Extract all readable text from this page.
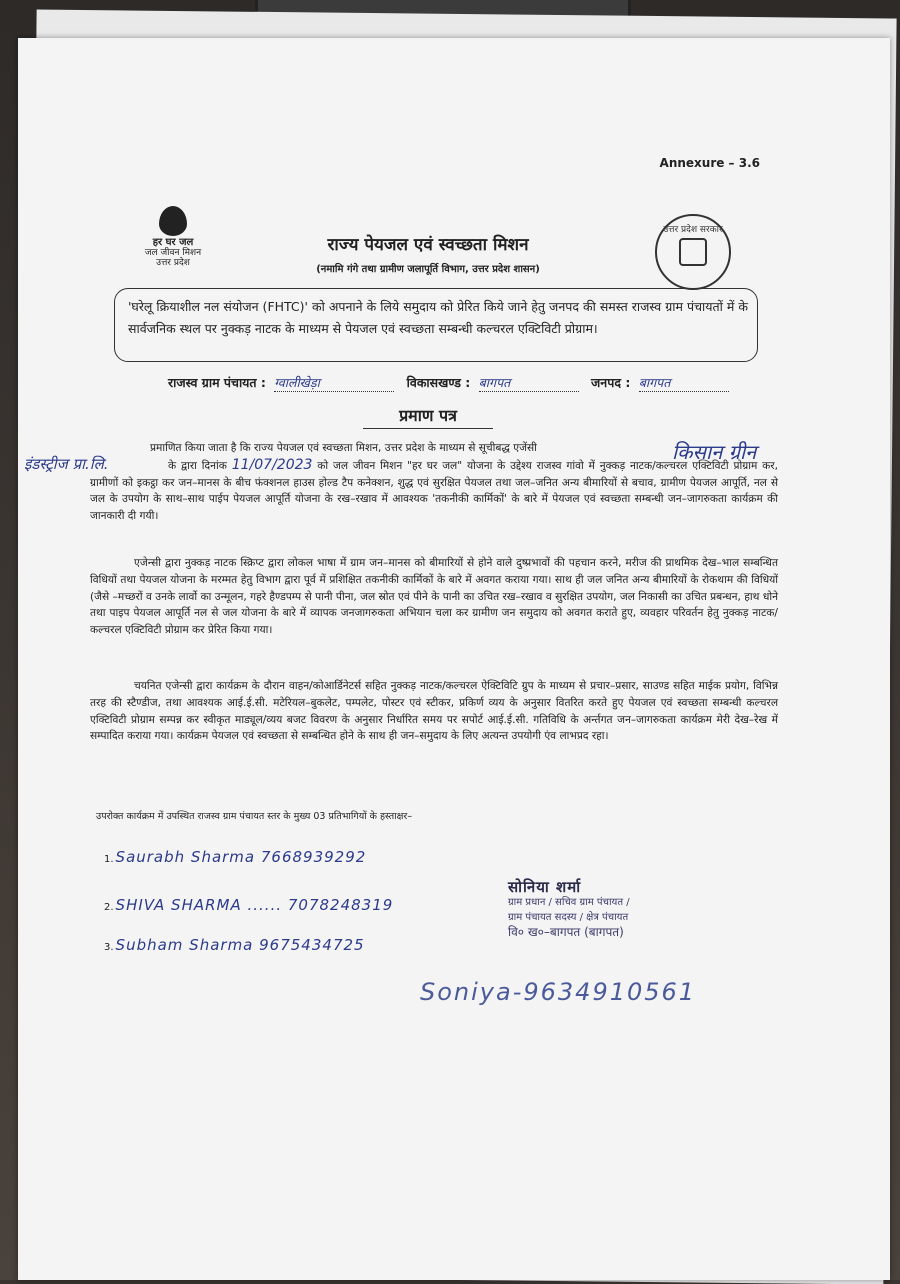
Annexure – 3.6
हर घर जल
जल जीवन मिशन
उत्तर प्रदेश
उत्तर प्रदेश सरकार
राज्य पेयजल एवं स्वच्छता मिशन
(नमामि गंगे तथा ग्रामीण जलापूर्ति विभाग, उत्तर प्रदेश शासन)
'घरेलू क्रियाशील नल संयोजन (FHTC)' को अपनाने के लिये समुदाय को प्रेरित किये जाने हेतु जनपद की समस्त राजस्व ग्राम पंचायतों में के सार्वजनिक स्थल पर नुक्कड़ नाटक के माध्यम से पेयजल एवं स्वच्छता सम्बन्धी कल्चरल एक्टिविटी प्रोग्राम।
राजस्व ग्राम पंचायत : ग्वालीखेड़ा	विकासखण्ड : बागपत	जनपद : बागपत
प्रमाण पत्र
किसान ग्रीन
इंडस्ट्रीज प्रा.लि.
प्रमाणित किया जाता है कि राज्य पेयजल एवं स्वच्छता मिशन, उत्तर प्रदेश के माध्यम से सूचीबद्ध एजेंसी
के द्वारा दिनांक 11/07/2023 को जल जीवन मिशन "हर घर जल" योजना के उद्देश्य राजस्व गांवो में नुक्कड़ नाटक/कल्चरल एक्टिविटी प्रोग्राम कर, ग्रामीणों को इकट्ठा कर जन–मानस के बीच फंक्शनल हाउस होल्ड टैप कनेक्शन, शुद्ध एवं सुरक्षित पेयजल तथा जल–जनित अन्य बीमारियों से बचाव, ग्रामीण पेयजल आपूर्ति, नल से जल के उपयोग के साथ–साथ पाईप पेयजल आपूर्ति योजना के रख–रखाव में आवश्यक 'तकनीकी कार्मिकों' के बारे में पेयजल एवं स्वच्छता सम्बन्धी जन–जागरुकता कार्यक्रम की जानकारी दी गयी।
एजेन्सी द्वारा नुक्कड़ नाटक स्क्रिप्ट द्वारा लोकल भाषा में ग्राम जन–मानस को बीमारियों से होने वाले दुष्प्रभावों की पहचान करने, मरीज की प्राथमिक देख–भाल सम्बन्धित विधियों तथा पेयजल योजना के मरम्मत हेतु विभाग द्वारा पूर्व में प्रशिक्षित तकनीकी कार्मिकों के बारे में अवगत कराया गया। साथ ही जल जनित अन्य बीमारियों के रोकथाम की विधियों (जैसे –मच्छरों व उनके लार्वो का उन्मूलन, गहरे हैण्डपम्प से पानी पीना, जल स्रोत एवं पीने के पानी का उचित रख–रखाव व सुरक्षित उपयोग, जल निकासी का उचित प्रबन्धन, हाथ धोने तथा पाइप पेयजल आपूर्ति नल से जल योजना के बारे में व्यापक जनजागरुकता अभियान चला कर ग्रामीण जन समुदाय को अवगत कराते हुए, व्यवहार परिवर्तन हेतु नुक्कड़ नाटक/कल्चरल एक्टिविटी प्रोग्राम कर प्रेरित किया गया।
चयनित एजेन्सी द्वारा कार्यक्रम के दौरान वाहन/कोआर्डिनेटर्स सहित नुक्कड़ नाटक/कल्चरल ऐक्टिविटि ग्रुप के माध्यम से प्रचार–प्रसार, साउण्ड सहित माईक प्रयोग, विभिन्न तरह की स्टैण्डीज, तथा आवश्यक आई.ई.सी. मटेरियल–बुकलेट, पम्पलेट, पोस्टर एवं स्टीकर, प्रकिर्ण व्यय के अनुसार वितरित करते हुए पेयजल एवं स्वच्छता सम्बन्धी कल्चरल एक्टिविटी प्रोग्राम सम्पन्न कर स्वीकृत माड्यूल/व्यय बजट विवरण के अनुसार निर्धारित समय पर सपोर्ट आई.ई.सी. गतिविधि के अर्न्तगत जन–जागरुकता कार्यक्रम मेरी देख–रेख में सम्पादित कराया गया। कार्यक्रम पेयजल एवं स्वच्छता से सम्बन्धित होने के साथ ही जन–समुदाय के लिए अत्यन्त उपयोगी एंव लाभप्रद रहा।
उपरोक्त कार्यक्रम में उपस्थित राजस्व ग्राम पंचायत स्तर के मुख्य 03 प्रतिभागियों के हस्ताक्षर–
1. Saurabh Sharma 7668939292
2. SHIVA SHARMA ...... 7078248319
3. Subham Sharma 9675434725
सोनिया शर्मा
ग्राम प्रधान / सचिव ग्राम पंचायत /
ग्राम पंचायत सदस्य / क्षेत्र पंचायत
वि० ख०–बागपत (बागपत)
Soniya-9634910561
